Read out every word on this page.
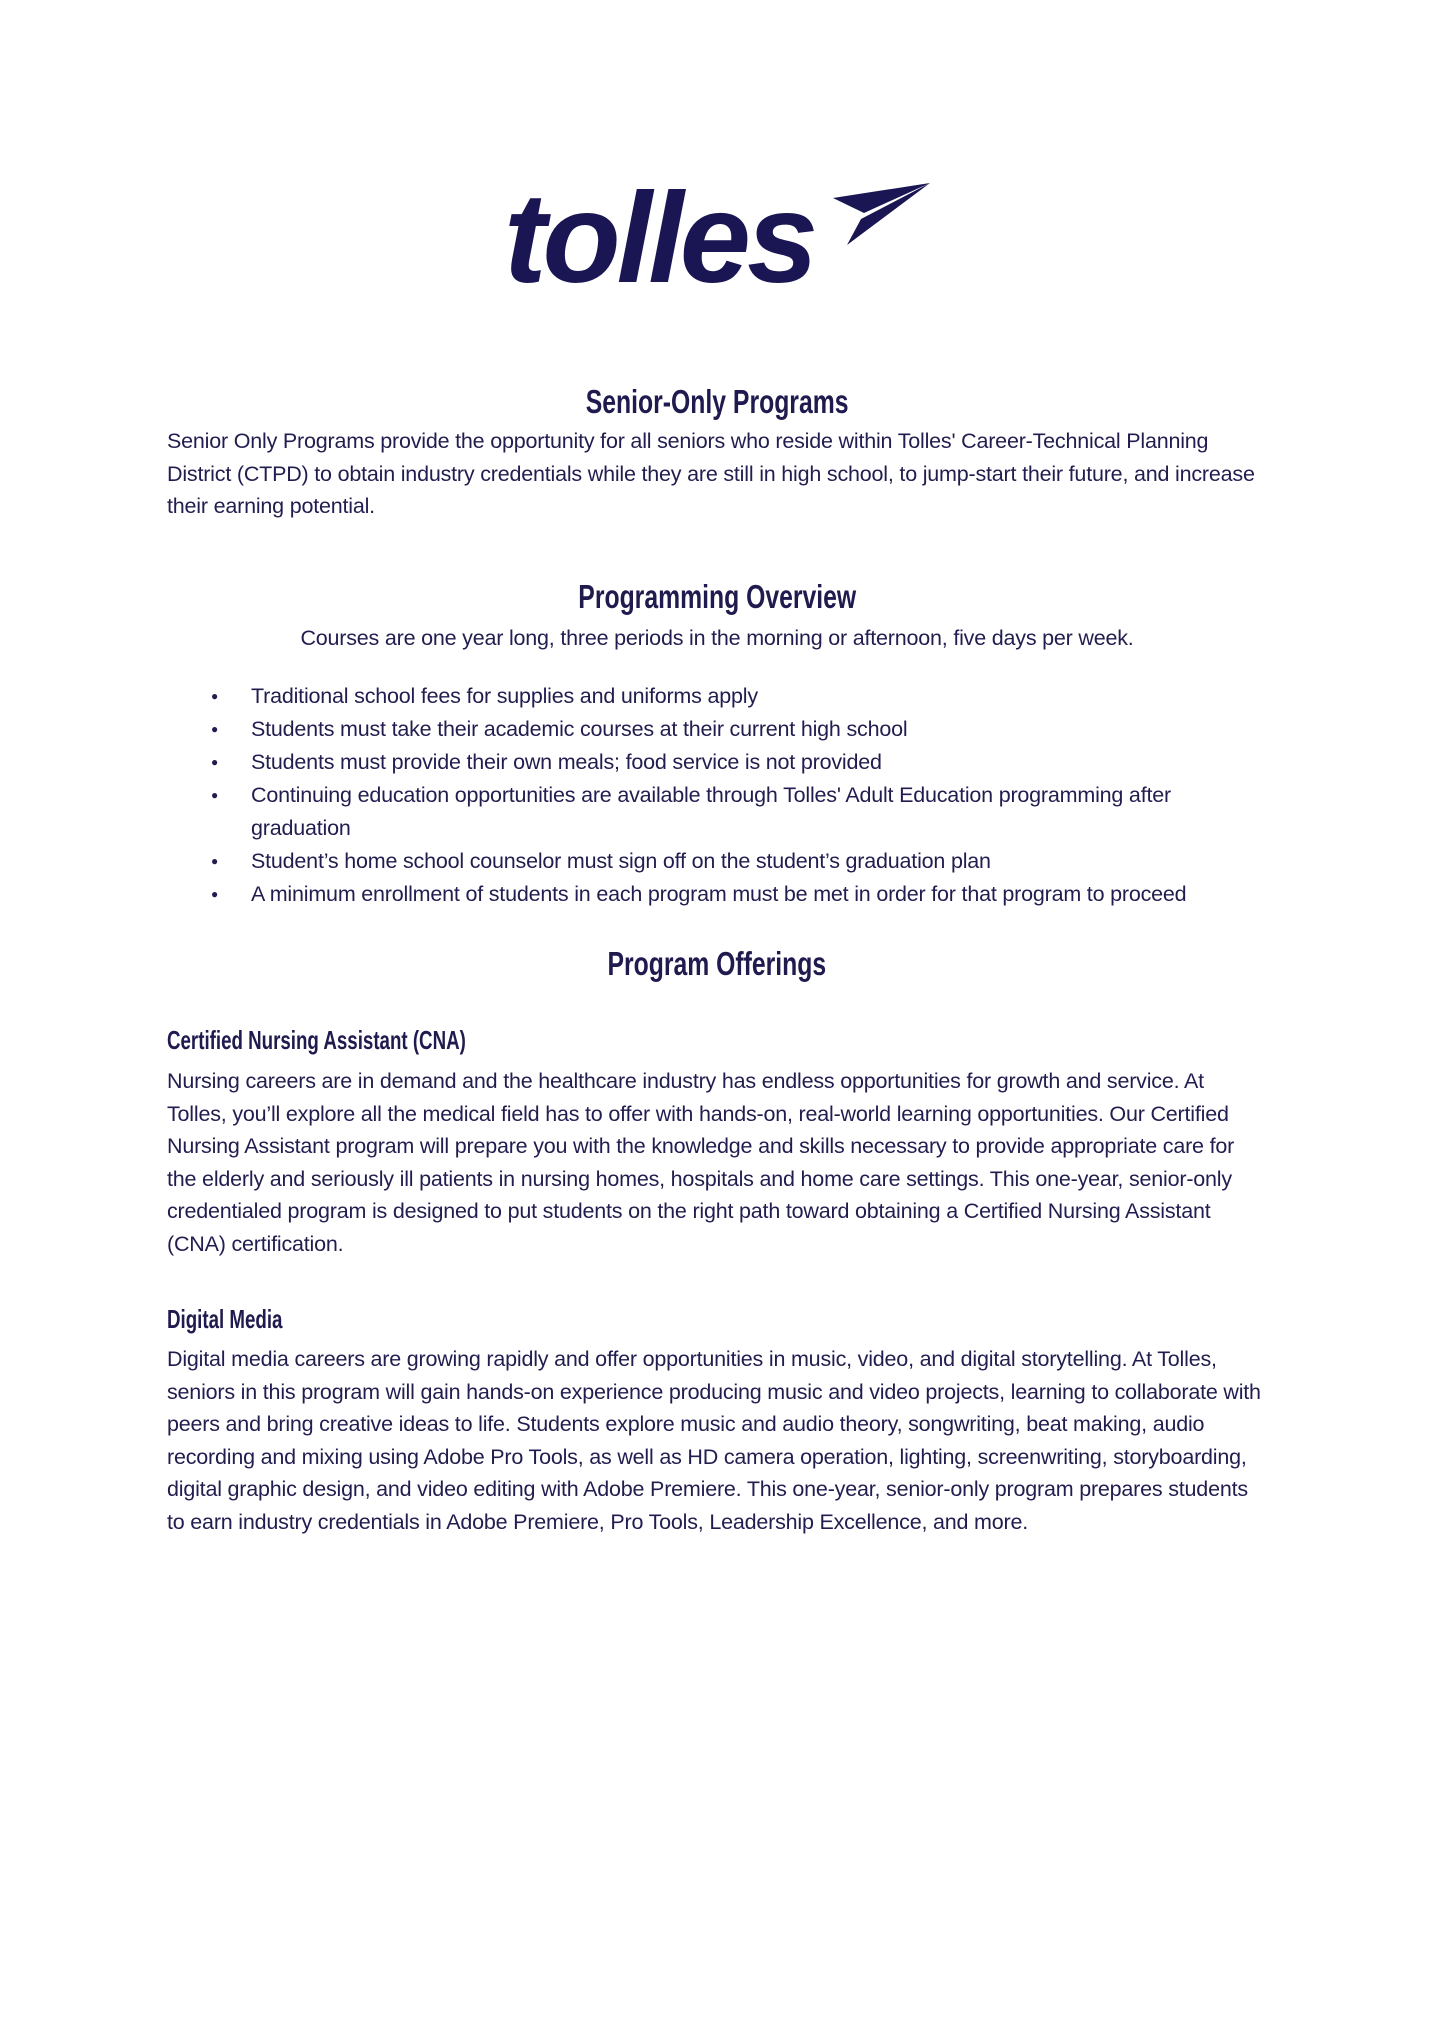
tolles
Senior-Only Programs

Senior Only Programs provide the opportunity for all seniors who reside within Tolles' Career-Technical Planning District (CTPD) to obtain industry credentials while they are still in high school, to jump-start their future, and increase their earning potential.

Programming Overview

Courses are one year long, three periods in the morning or afternoon, five days per week.

● Traditional school fees for supplies and uniforms apply
● Students must take their academic courses at their current high school
● Students must provide their own meals; food service is not provided
● Continuing education opportunities are available through Tolles' Adult Education programming after graduation
● Student’s home school counselor must sign off on the student’s graduation plan
● A minimum enrollment of students in each program must be met in order for that program to proceed
Program Offerings
Certified Nursing Assistant (CNA)

Nursing careers are in demand and the healthcare industry has endless opportunities for growth and service. At Tolles, you’ll explore all the medical field has to offer with hands-on, real-world learning opportunities. Our Certified Nursing Assistant program will prepare you with the knowledge and skills necessary to provide appropriate care for the elderly and seriously ill patients in nursing homes, hospitals and home care settings. This one-year, senior-only credentialed program is designed to put students on the right path toward obtaining a Certified Nursing Assistant (CNA) certification.

Digital Media

Digital media careers are growing rapidly and offer opportunities in music, video, and digital storytelling. At Tolles, seniors in this program will gain hands-on experience producing music and video projects, learning to collaborate with peers and bring creative ideas to life. Students explore music and audio theory, songwriting, beat making, audio recording and mixing using Adobe Pro Tools, as well as HD camera operation, lighting, screenwriting, storyboarding, digital graphic design, and video editing with Adobe Premiere. This one-year, senior-only program prepares students to earn industry credentials in Adobe Premiere, Pro Tools, Leadership Excellence, and more.
